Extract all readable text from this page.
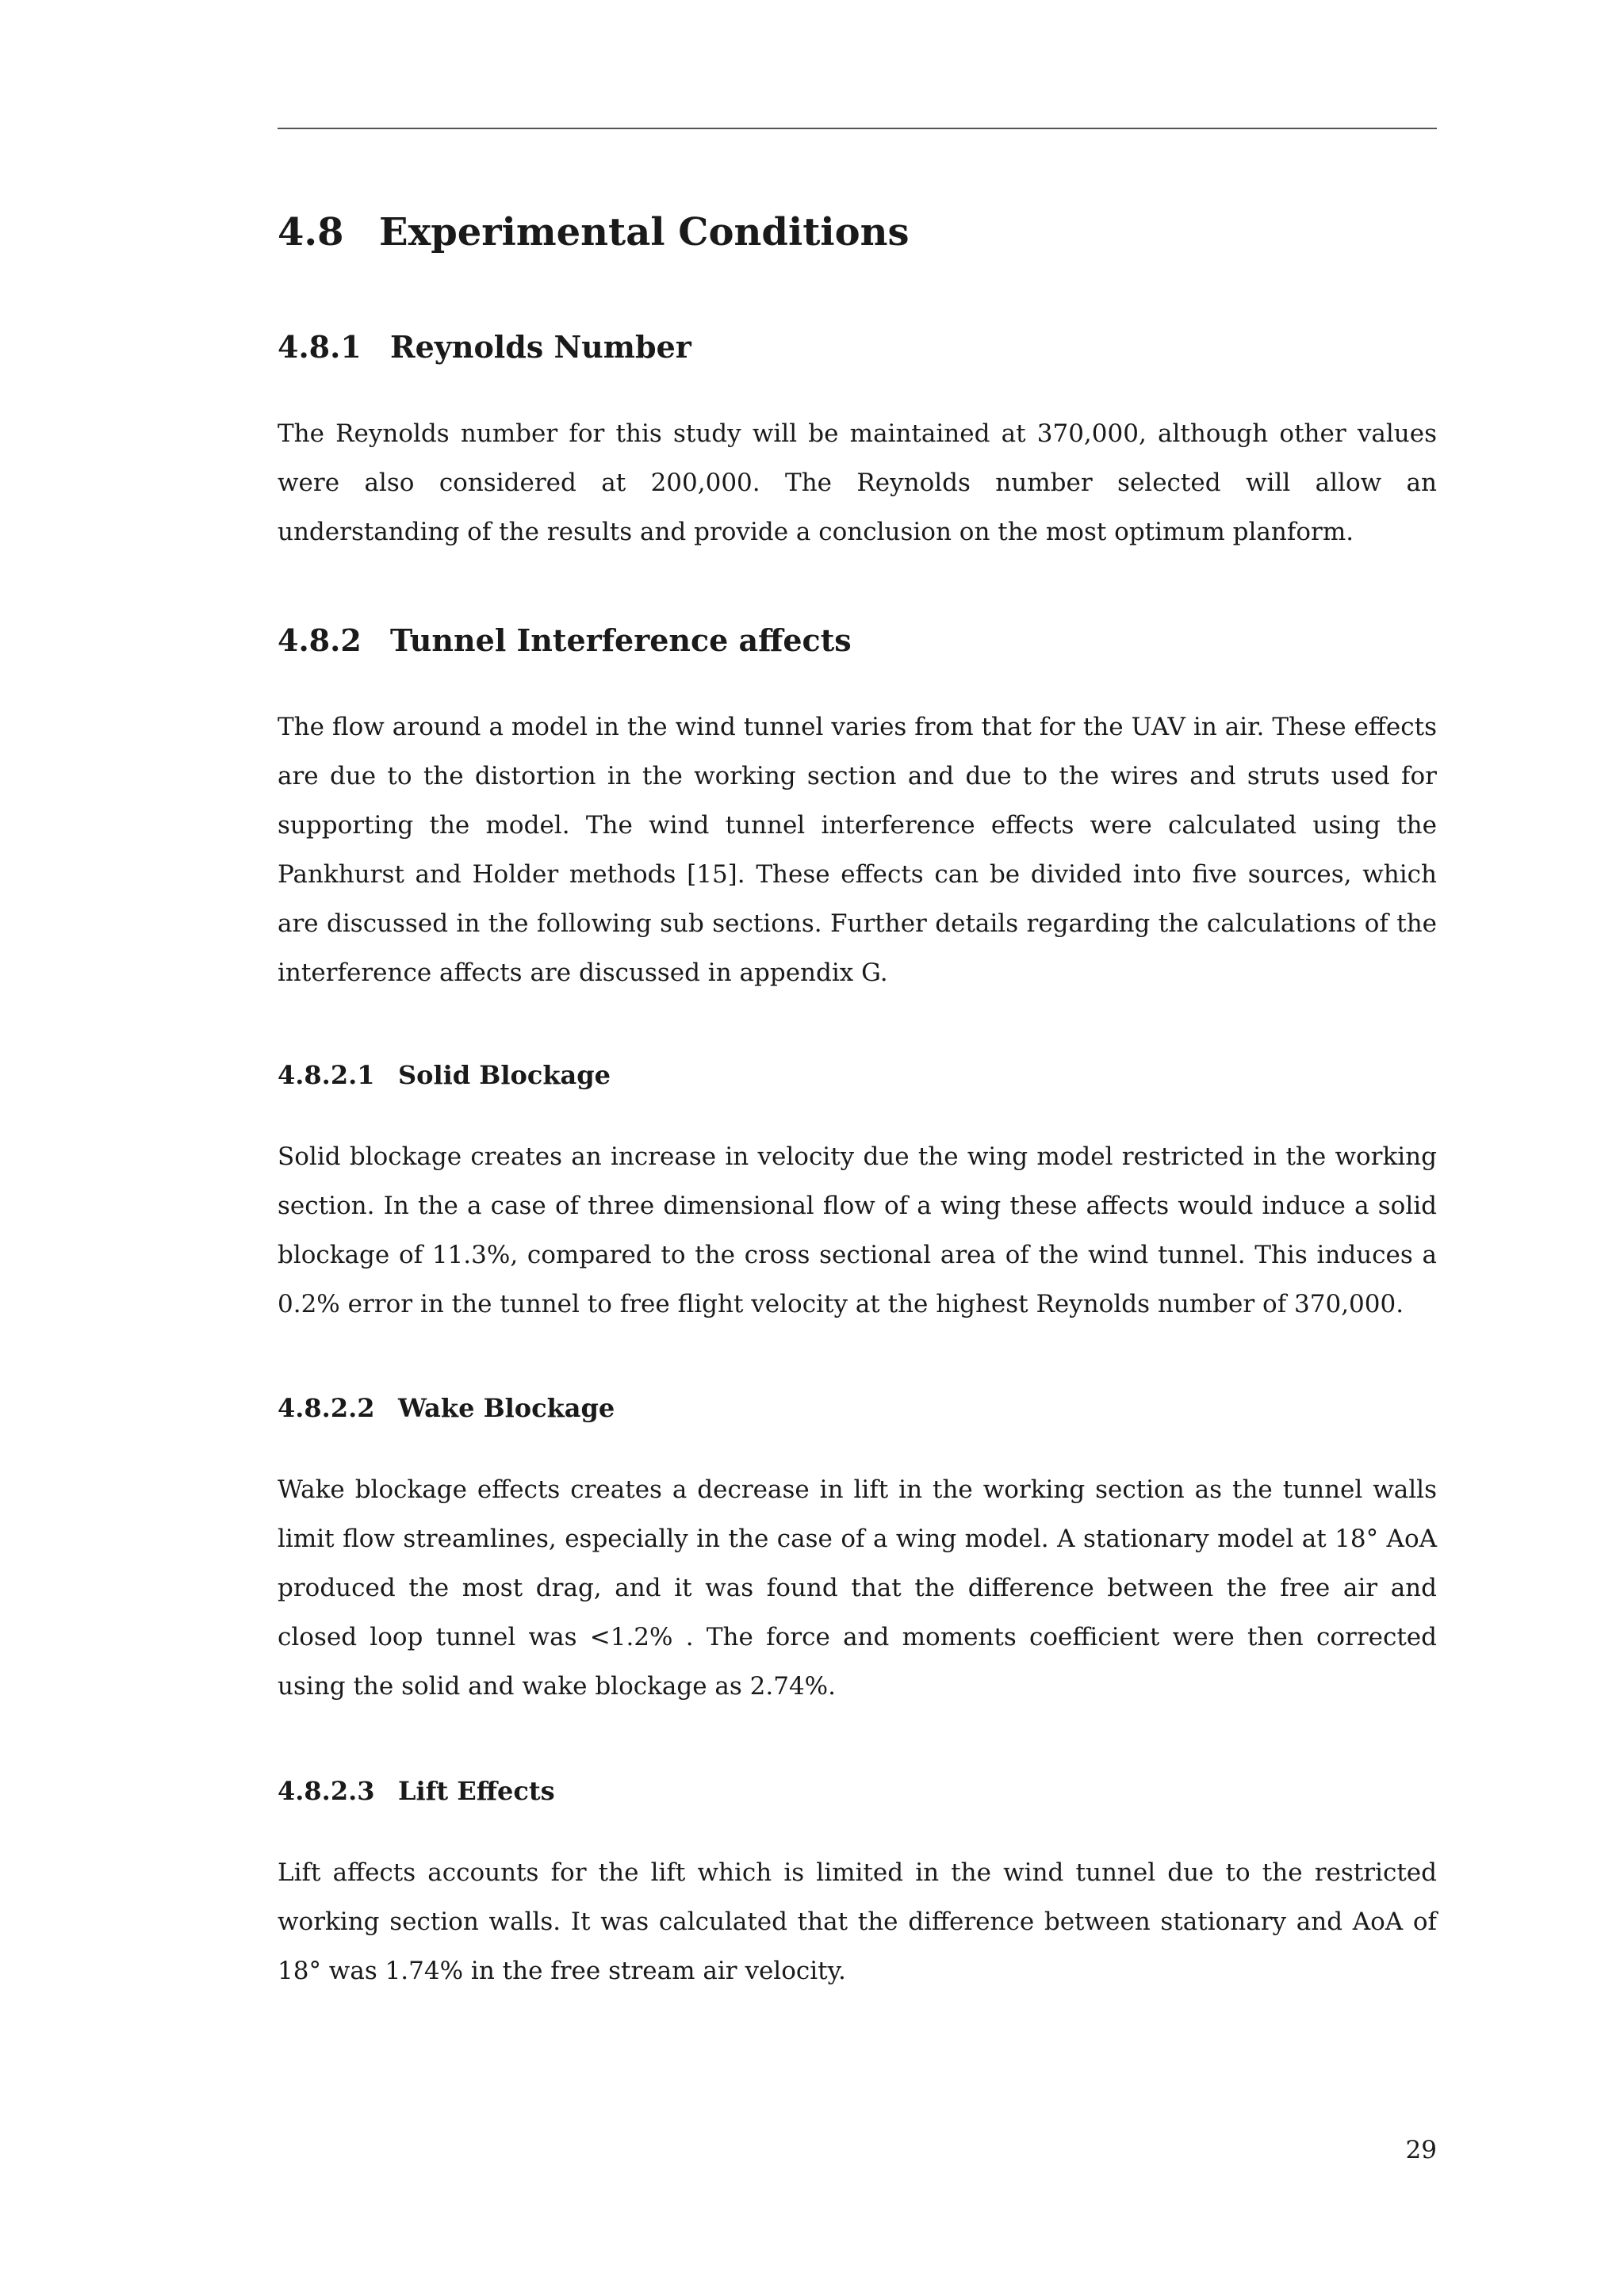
4.8 Experimental Conditions
4.8.1 Reynolds Number

The Reynolds number for this study will be maintained at 370,000, although other values were also considered at 200,000. The Reynolds number selected will allow an understanding of the results and provide a conclusion on the most optimum planform.

4.8.2 Tunnel Interference affects

The flow around a model in the wind tunnel varies from that for the UAV in air. These effects are due to the distortion in the working section and due to the wires and struts used for supporting the model. The wind tunnel interference effects were calculated using the Pankhurst and Holder methods [15]. These effects can be divided into five sources, which are discussed in the following sub sections. Further details regarding the calculations of the interference affects are discussed in appendix G.

4.8.2.1 Solid Blockage

Solid blockage creates an increase in velocity due the wing model restricted in the working section. In the a case of three dimensional flow of a wing these affects would induce a solid blockage of 11.3%, compared to the cross sectional area of the wind tunnel. This induces a 0.2% error in the tunnel to free flight velocity at the highest Reynolds number of 370,000.

4.8.2.2 Wake Blockage

Wake blockage effects creates a decrease in lift in the working section as the tunnel walls limit flow streamlines, especially in the case of a wing model. A stationary model at 18° AoA produced the most drag, and it was found that the difference between the free air and closed loop tunnel was <1.2% . The force and moments coefficient were then corrected using the solid and wake blockage as 2.74%.

4.8.2.3 Lift Effects

Lift affects accounts for the lift which is limited in the wind tunnel due to the restricted working section walls. It was calculated that the difference between stationary and AoA of 18° was 1.74% in the free stream air velocity.

29
